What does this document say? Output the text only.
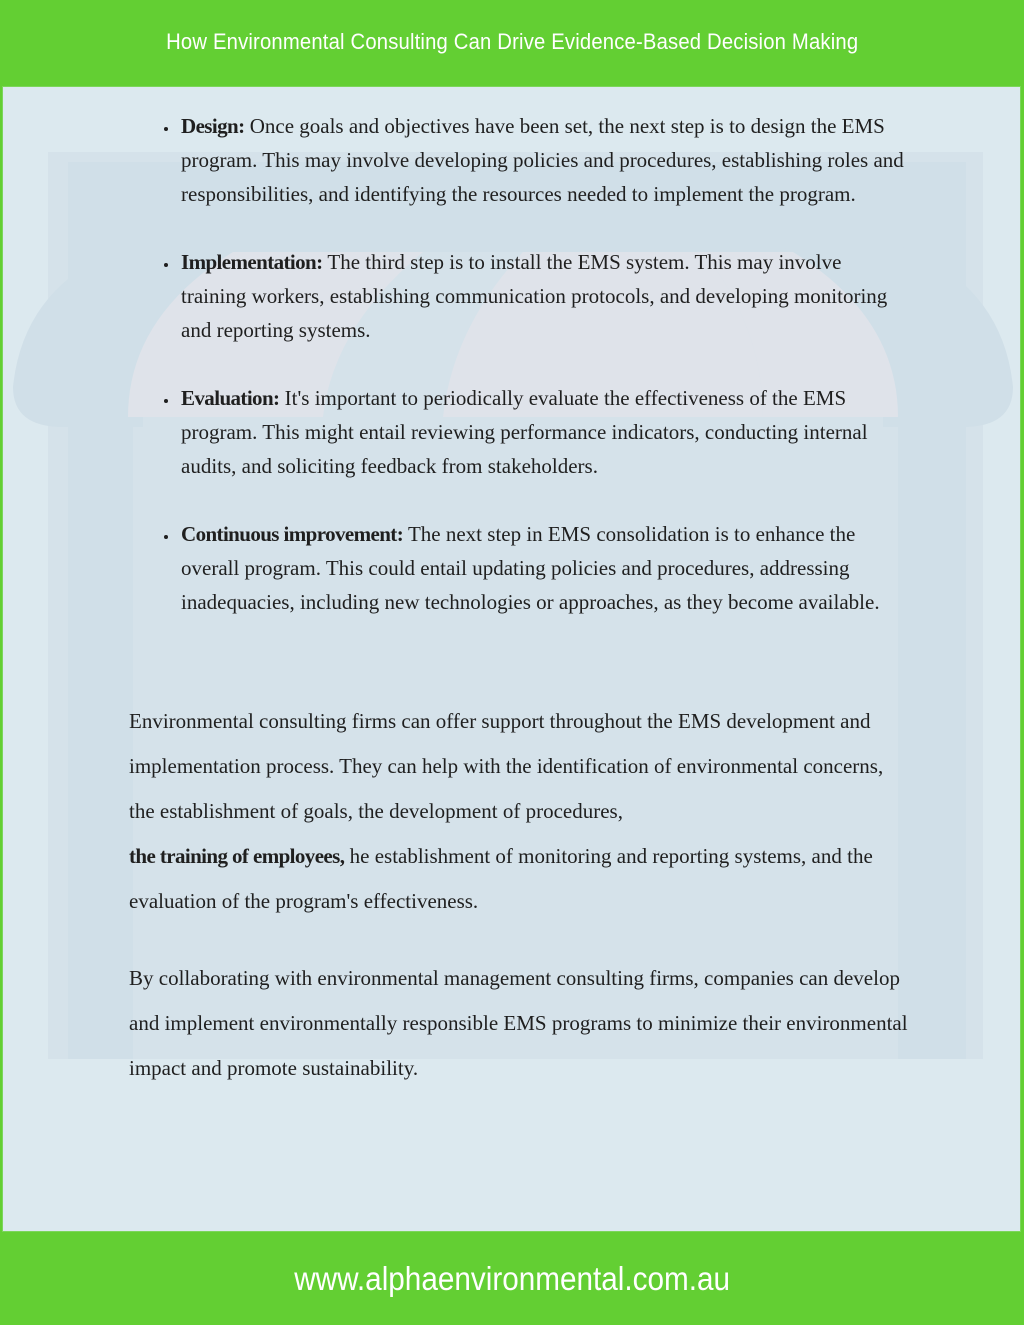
How Environmental Consulting Can Drive Evidence-Based Decision Making
• Design: Once goals and objectives have been set, the next step is to design the EMS program. This may involve developing policies and procedures, establishing roles and responsibilities, and identifying the resources needed to implement the program.
• Implementation: The third step is to install the EMS system. This may involve training workers, establishing communication protocols, and developing monitoring and reporting systems.
• Evaluation: It's important to periodically evaluate the effectiveness of the EMS program. This might entail reviewing performance indicators, conducting internal audits, and soliciting feedback from stakeholders.
• Continuous improvement: The next step in EMS consolidation is to enhance the overall program. This could entail updating policies and procedures, addressing inadequacies, including new technologies or approaches, as they become available.

Environmental consulting firms can offer support throughout the EMS development and implementation process. They can help with the identification of environmental concerns, the establishment of goals, the development of procedures,
the training of employees, he establishment of monitoring and reporting systems, and the evaluation of the program's effectiveness.

By collaborating with environmental management consulting firms, companies can develop and implement environmentally responsible EMS programs to minimize their environmental impact and promote sustainability.

www.alphaenvironmental.com.au
